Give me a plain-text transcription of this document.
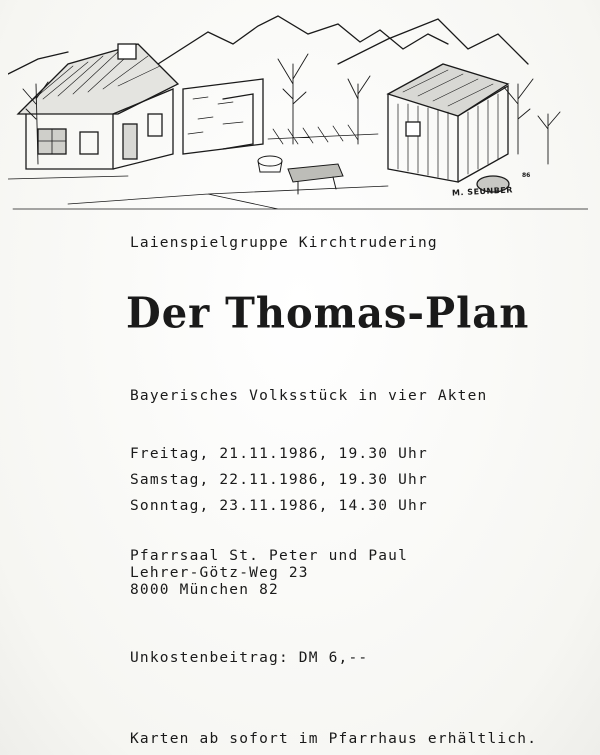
86
M. SEUNBER
Laienspielgruppe Kirchtrudering
Der Thomas-Plan
Bayerisches Volksstück in vier Akten
Freitag, 21.11.1986, 19.30 Uhr
Samstag, 22.11.1986, 19.30 Uhr
Sonntag, 23.11.1986, 14.30 Uhr
Pfarrsaal St. Peter und Paul
Lehrer-Götz-Weg 23
8000 München 82
Unkostenbeitrag: DM 6,--
Karten ab sofort im Pfarrhaus erhältlich.
